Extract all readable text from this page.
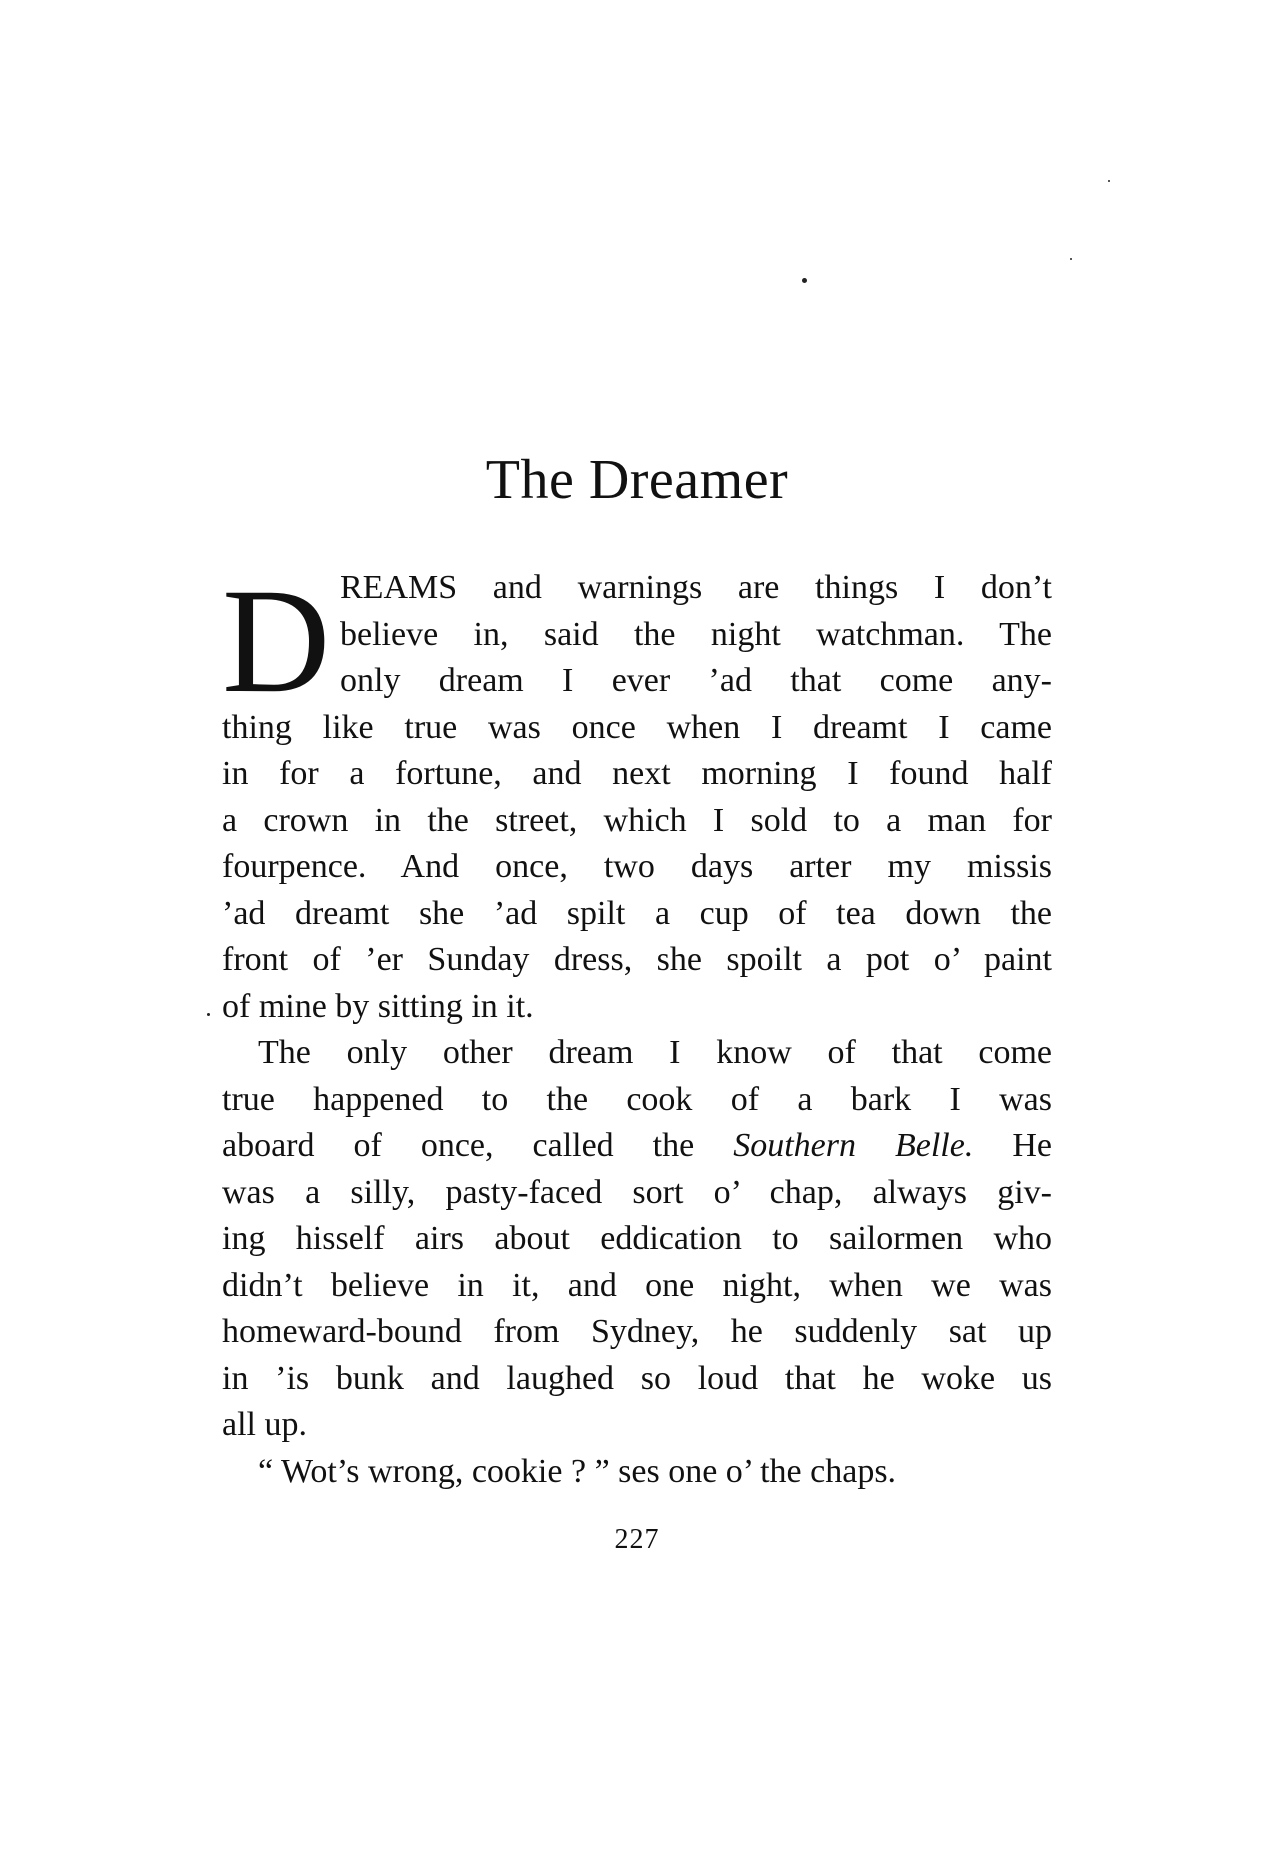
The Dreamer
D REAMS and warnings are things I don’t
believe in, said the night watchman. The
only dream I ever ’ad that come any-
thing like true was once when I dreamt I came
in for a fortune, and next morning I found half
a crown in the street, which I sold to a man for
fourpence. And once, two days arter my missis
’ad dreamt she ’ad spilt a cup of tea down the
front of ’er Sunday dress, she spoilt a pot o’ paint
of mine by sitting in it.
The only other dream I know of that come
true happened to the cook of a bark I was
aboard of once, called the Southern Belle. He
was a silly, pasty-faced sort o’ chap, always giv-
ing hisself airs about eddication to sailormen who
didn’t believe in it, and one night, when we was
homeward-bound from Sydney, he suddenly sat up
in ’is bunk and laughed so loud that he woke us
all up.
“ Wot’s wrong, cookie ? ” ses one o’ the chaps.
227
